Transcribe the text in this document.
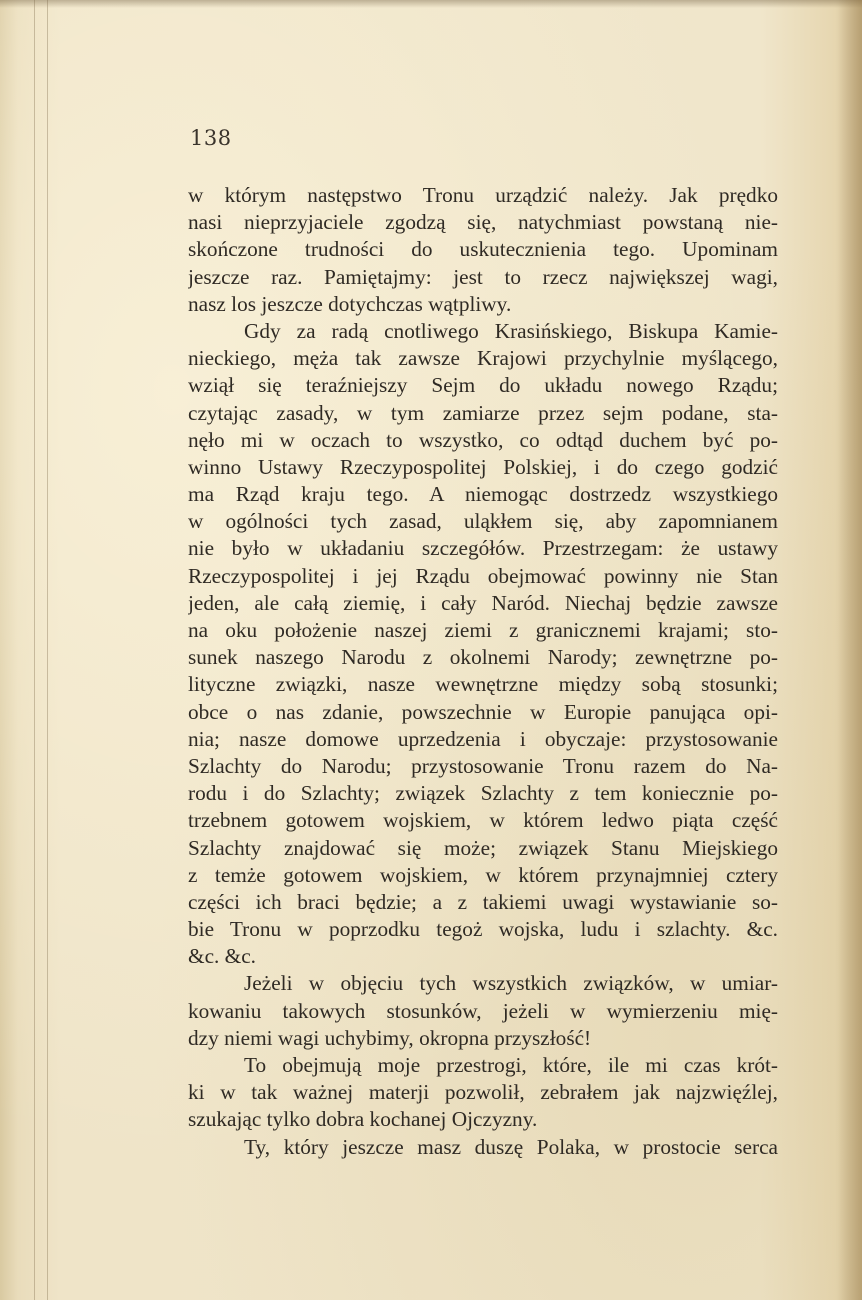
138
w którym następstwo Tronu urządzić należy. Jak prędko
nasi nieprzyjaciele zgodzą się, natychmiast powstaną nie-
skończone trudności do uskutecznienia tego. Upominam
jeszcze raz. Pamiętajmy: jest to rzecz największej wagi,
nasz los jeszcze dotychczas wątpliwy.
Gdy za radą cnotliwego Krasińskiego, Biskupa Kamie-
nieckiego, męża tak zawsze Krajowi przychylnie myślącego,
wziął się teraźniejszy Sejm do układu nowego Rządu;
czytając zasady, w tym zamiarze przez sejm podane, sta-
nęło mi w oczach to wszystko, co odtąd duchem być po-
winno Ustawy Rzeczypospolitej Polskiej, i do czego godzić
ma Rząd kraju tego. A niemogąc dostrzedz wszystkiego
w ogólności tych zasad, uląkłem się, aby zapomnianem
nie było w układaniu szczegółów. Przestrzegam: że ustawy
Rzeczypospolitej i jej Rządu obejmować powinny nie Stan
jeden, ale całą ziemię, i cały Naród. Niechaj będzie zawsze
na oku położenie naszej ziemi z granicznemi krajami; sto-
sunek naszego Narodu z okolnemi Narody; zewnętrzne po-
lityczne związki, nasze wewnętrzne między sobą stosunki;
obce o nas zdanie, powszechnie w Europie panująca opi-
nia; nasze domowe uprzedzenia i obyczaje: przystosowanie
Szlachty do Narodu; przystosowanie Tronu razem do Na-
rodu i do Szlachty; związek Szlachty z tem koniecznie po-
trzebnem gotowem wojskiem, w którem ledwo piąta część
Szlachty znajdować się może; związek Stanu Miejskiego
z temże gotowem wojskiem, w którem przynajmniej cztery
części ich braci będzie; a z takiemi uwagi wystawianie so-
bie Tronu w poprzodku tegoż wojska, ludu i szlachty. &c.
&c. &c.
Jeżeli w objęciu tych wszystkich związków, w umiar-
kowaniu takowych stosunków, jeżeli w wymierzeniu mię-
dzy niemi wagi uchybimy, okropna przyszłość!
To obejmują moje przestrogi, które, ile mi czas krót-
ki w tak ważnej materji pozwolił, zebrałem jak najzwięźlej,
szukając tylko dobra kochanej Ojczyzny.
Ty, który jeszcze masz duszę Polaka, w prostocie serca
